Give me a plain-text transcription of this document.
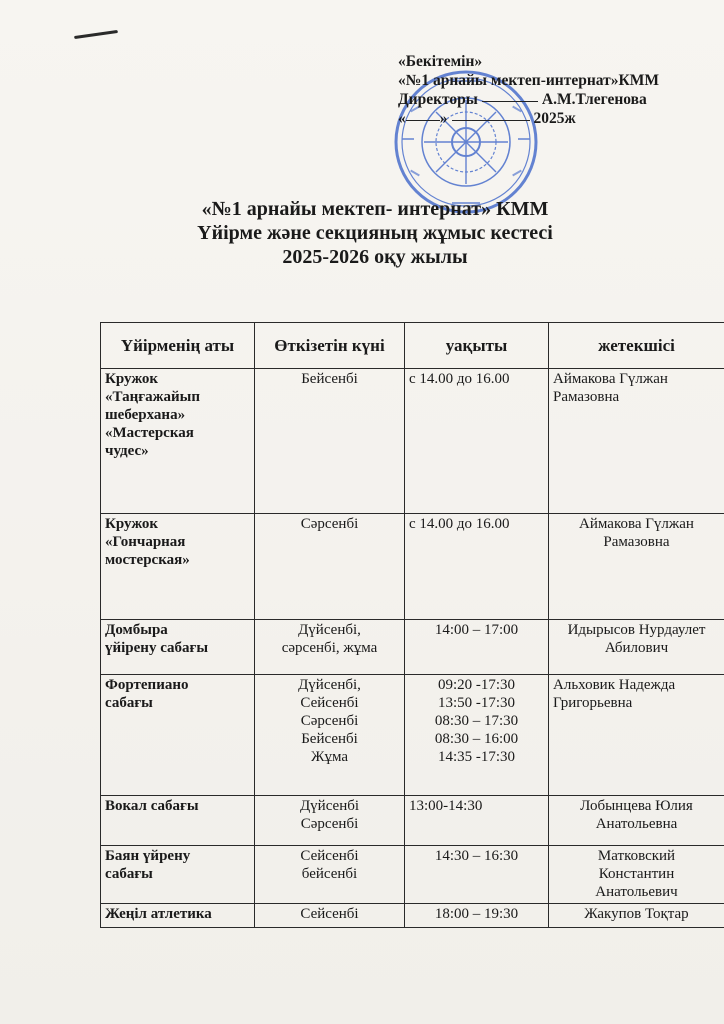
«Бекітемін»
«№1 арнайы мектеп-интернат»КММ
Директоры	А.М.Тлегенова
« »	2025ж
«№1 арнайы мектеп- интернат» КММ
Үйірме және секцияның жұмыс кестесі
2025-2026 оқу жылы
Үйірменің аты	Өткізетін күні	уақыты	жетекшісі

Кружок
«Таңғажайып
шеберхана»
«Мастерская
чудес»	Бейсенбі	с 14.00 до 16.00	Аймакова Гүлжан
Рамазовна

Кружок
«Гончарная
мостерская»	Сәрсенбі	с 14.00 до 16.00	Аймакова Гүлжан
Рамазовна

Домбыра
үйірену сабағы	Дүйсенбі,
сәрсенбі, жұма	14:00 – 17:00	Идырысов Нурдаулет
Абилович

Фортепиано
сабағы	Дүйсенбі,
Сейсенбі
Сәрсенбі
Бейсенбі
Жұма	09:20 -17:30
13:50 -17:30
08:30 – 17:30
08:30 – 16:00
14:35 -17:30	Альховик Надежда
Григорьевна

Вокал сабағы	Дүйсенбі
Сәрсенбі	13:00-14:30	Лобынцева Юлия
Анатольевна

Баян үйрену
сабағы	Сейсенбі
бейсенбі	14:30 – 16:30	Матковский
Константин
Анатольевич

Жеңіл атлетика	Сейсенбі	18:00 – 19:30	Жакупов Тоқтар
